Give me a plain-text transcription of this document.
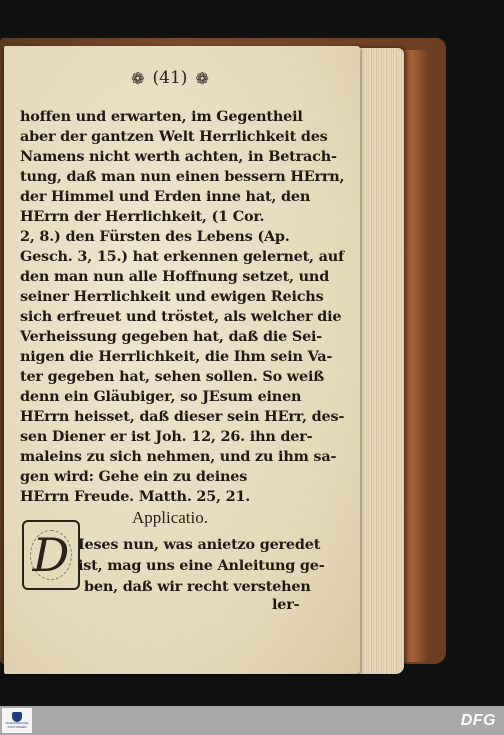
❁ (41) ❁
hoffen und erwarten, im Gegentheil
aber der gantzen Welt Herrlichkeit des
Namens nicht werth achten, in Betrach-
tung, daß man nun einen bessern HErrn,
der Himmel und Erden inne hat, den
HErrn der Herrlichkeit, (1 Cor.
2, 8.) den Fürsten des Lebens (Ap.
Gesch. 3, 15.) hat erkennen gelernet, auf
den man nun alle Hoffnung setzet, und
seiner Herrlichkeit und ewigen Reichs
sich erfreuet und tröstet, als welcher die
Verheissung gegeben hat, daß die Sei-
nigen die Herrlichkeit, die Ihm sein Va-
ter gegeben hat, sehen sollen. So weiß
denn ein Gläubiger, so JEsum einen
HErrn heisset, daß dieser sein HErr, des-
sen Diener er ist Joh. 12, 26. ihn der-
maleins zu sich nehmen, und zu ihm sa-
gen wird: Gehe ein zu deines
HErrn Freude. Matth. 25, 21.
Applicatio.
D Ieses nun, was anietzo geredet
ist, mag uns eine Anleitung ge-
ben, daß wir recht verstehen
ler-
FRANCKESCHE STIFTUNGEN	DFG
